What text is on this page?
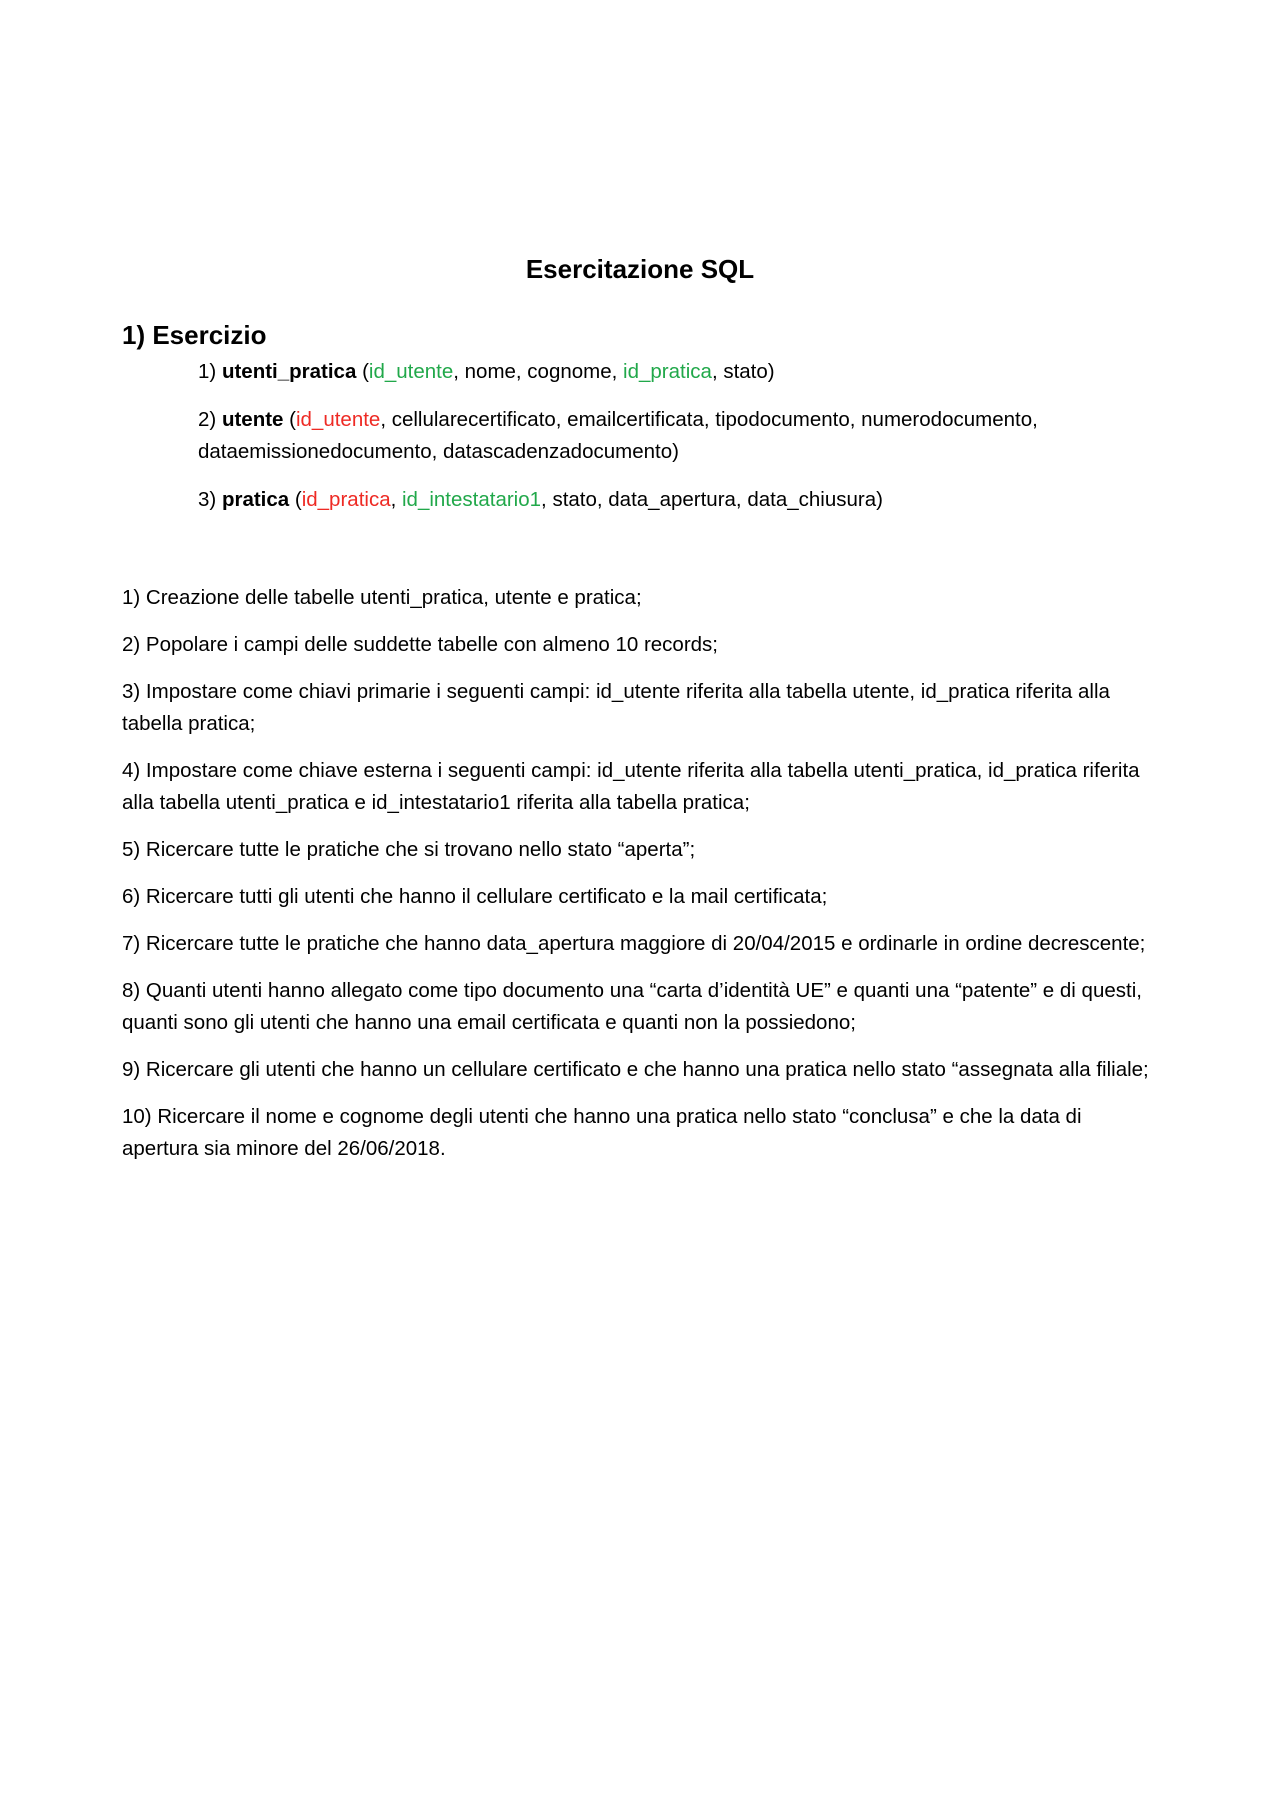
Esercitazione SQL
1) Esercizio

1) utenti_pratica (id_utente, nome, cognome, id_pratica, stato)

2) utente (id_utente, cellularecertificato, emailcertificata, tipodocumento, numerodocumento, dataemissionedocumento, datascadenzadocumento)

3) pratica (id_pratica, id_intestatario1, stato, data_apertura, data_chiusura)

1) Creazione delle tabelle utenti_pratica, utente e pratica;
2) Popolare i campi delle suddette tabelle con almeno 10 records;
3) Impostare come chiavi primarie i seguenti campi: id_utente riferita alla tabella utente, id_pratica riferita alla tabella pratica;
4) Impostare come chiave esterna i seguenti campi: id_utente riferita alla tabella utenti_pratica, id_pratica riferita alla tabella utenti_pratica e id_intestatario1 riferita alla tabella pratica;
5) Ricercare tutte le pratiche che si trovano nello stato “aperta”;
6) Ricercare tutti gli utenti che hanno il cellulare certificato e la mail certificata;
7) Ricercare tutte le pratiche che hanno data_apertura maggiore di 20/04/2015 e ordinarle in ordine decrescente;
8) Quanti utenti hanno allegato come tipo documento una “carta d’identità UE” e quanti una “patente” e di questi, quanti sono gli utenti che hanno una email certificata e quanti non la possiedono;
9) Ricercare gli utenti che hanno un cellulare certificato e che hanno una pratica nello stato “assegnata alla filiale;
10) Ricercare il nome e cognome degli utenti che hanno una pratica nello stato “conclusa” e che la data di apertura sia minore del 26/06/2018.
